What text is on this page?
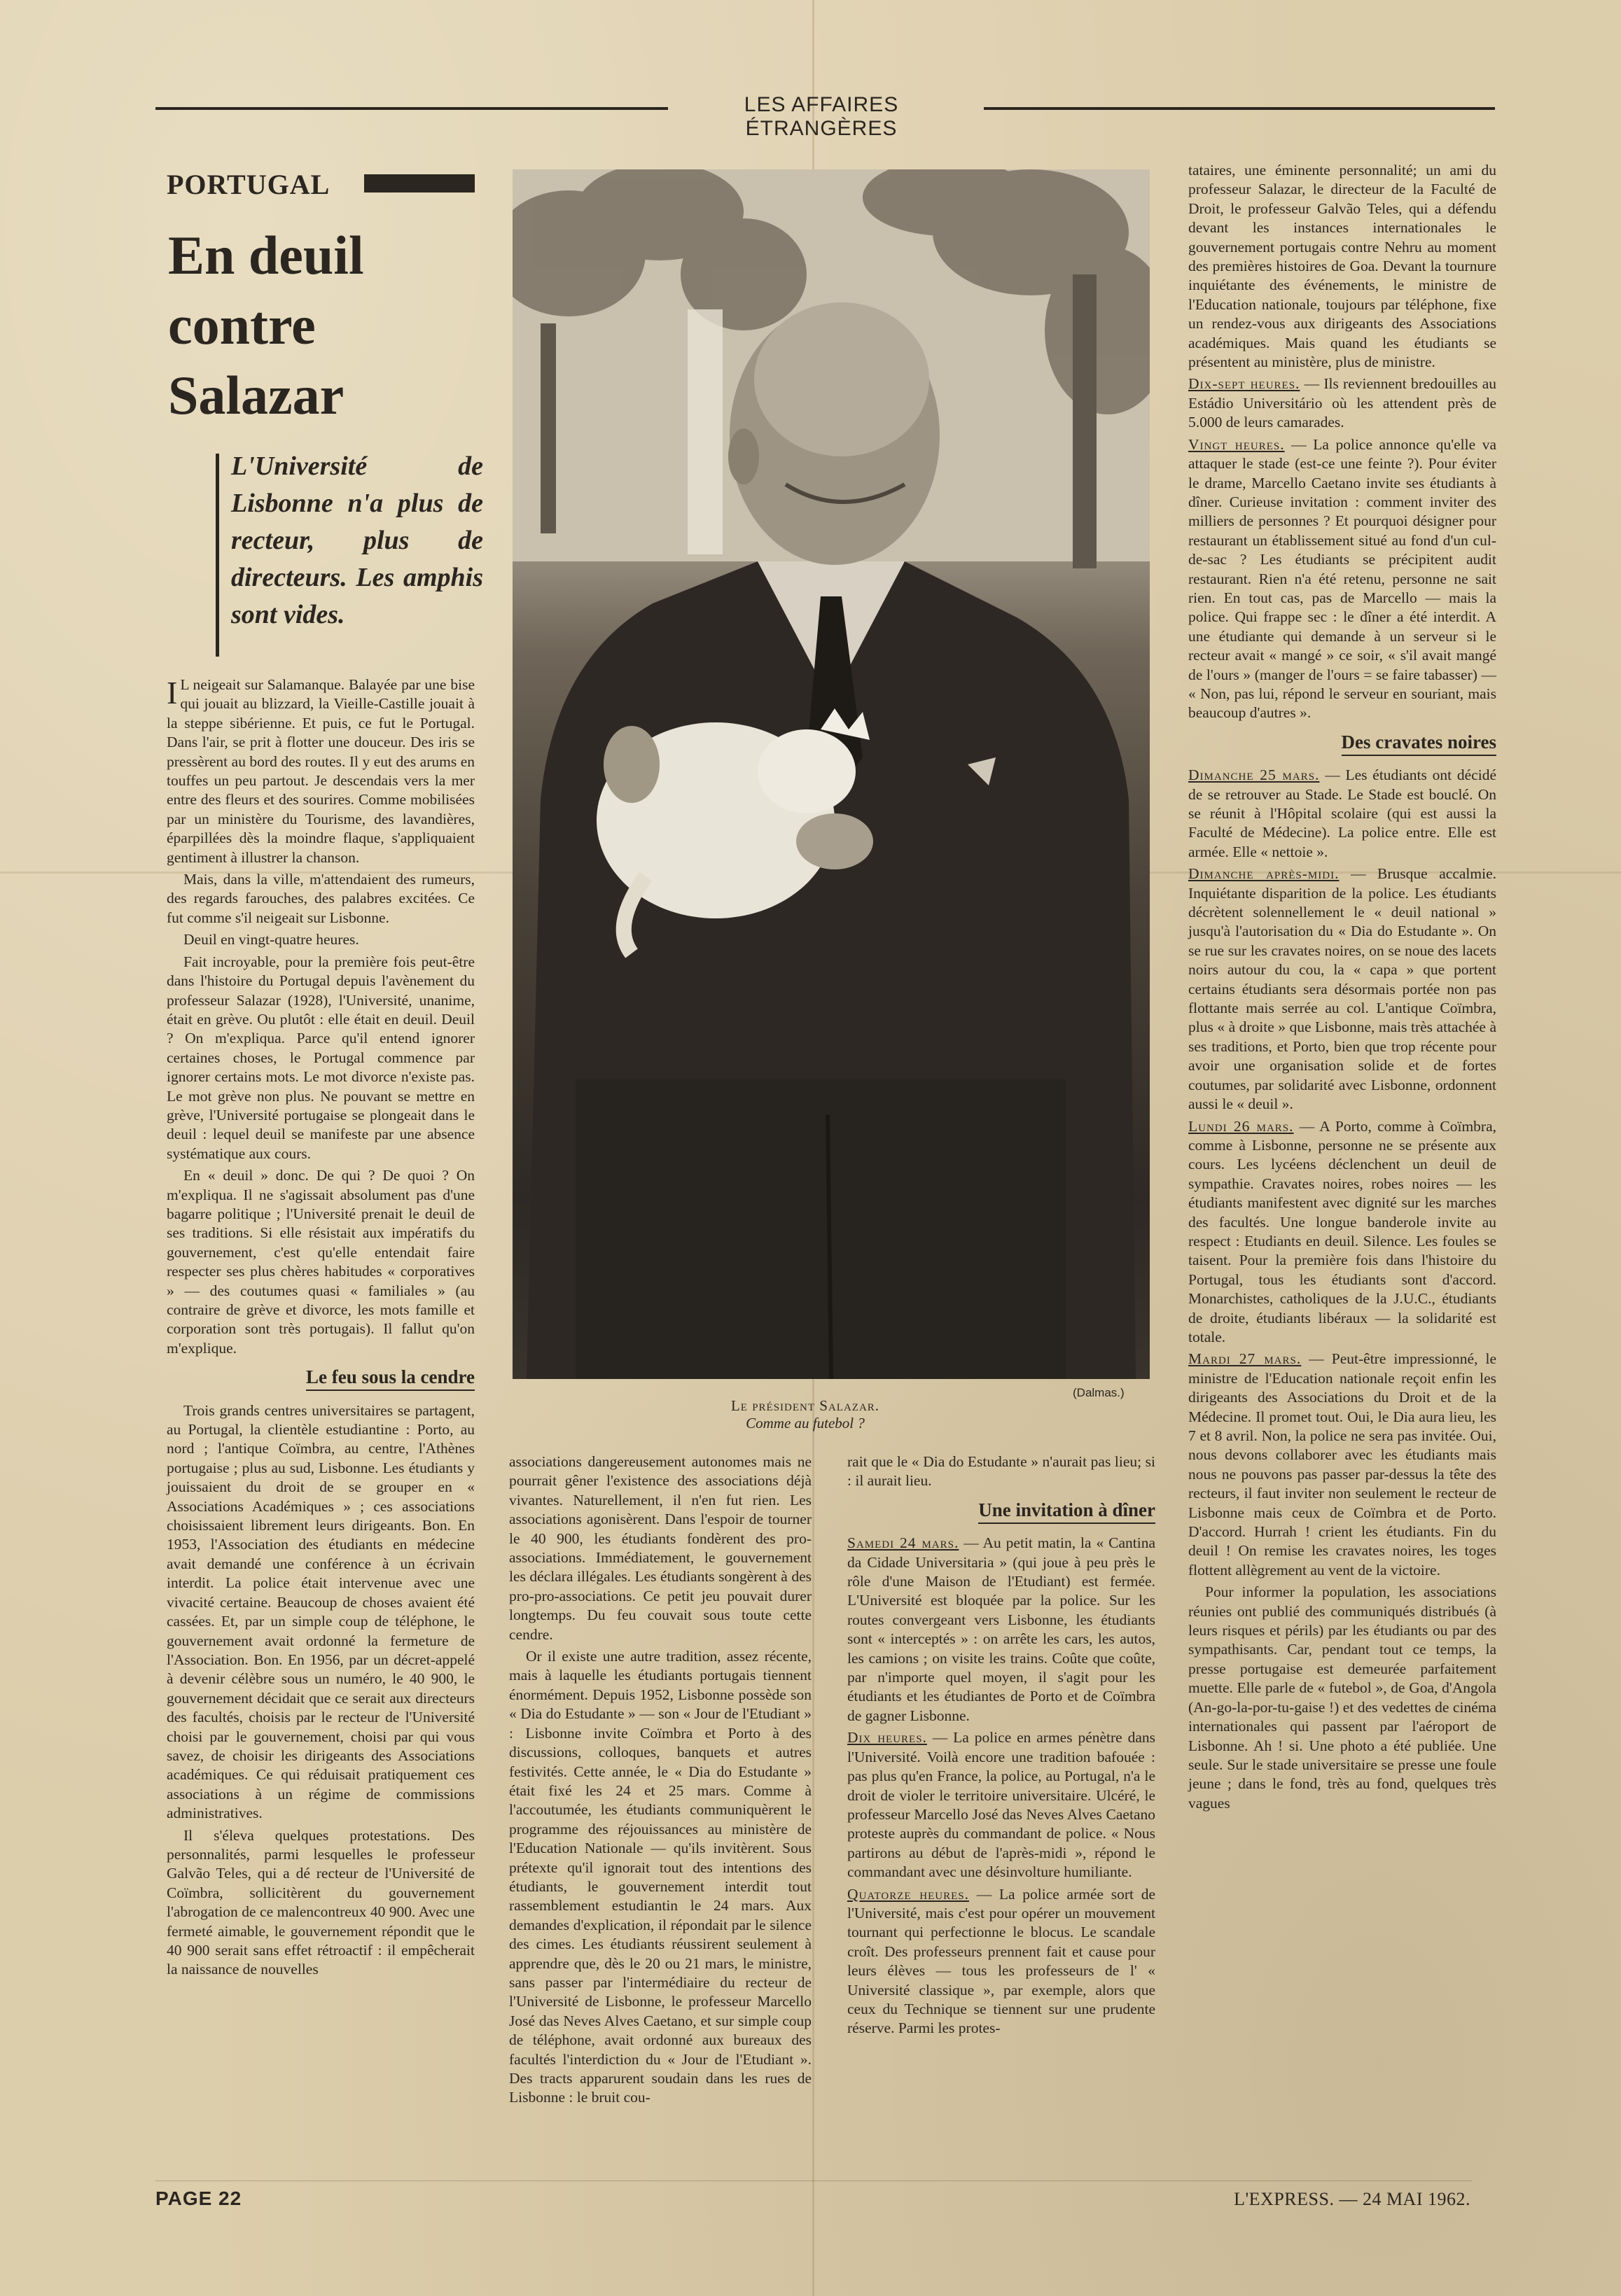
LES AFFAIRES ÉTRANGÈRES
PORTUGAL
En deuil
contre
Salazar
L'Université de Lisbonne n'a plus de recteur, plus de directeurs. Les amphis sont vides.
(Dalmas.)
Le président Salazar.
Comme au futebol ?

I L neigeait sur Salamanque. Balayée par une bise qui jouait au blizzard, la Vieille-Castille jouait à la steppe sibérienne. Et puis, ce fut le Portugal. Dans l'air, se prit à flotter une douceur. Des iris se pressèrent au bord des routes. Il y eut des arums en touffes un peu partout. Je descendais vers la mer entre des fleurs et des sourires. Comme mobilisées par un ministère du Tourisme, des lavandières, éparpillées dès la moindre flaque, s'appliquaient gentiment à illustrer la chanson.

Mais, dans la ville, m'attendaient des rumeurs, des regards farouches, des palabres excitées. Ce fut comme s'il neigeait sur Lisbonne.

Deuil en vingt-quatre heures.

Fait incroyable, pour la première fois peut-être dans l'histoire du Portugal depuis l'avènement du professeur Salazar (1928), l'Université, unanime, était en grève. Ou plutôt : elle était en deuil. Deuil ? On m'expliqua. Parce qu'il entend ignorer certaines choses, le Portugal commence par ignorer certains mots. Le mot divorce n'existe pas. Le mot grève non plus. Ne pouvant se mettre en grève, l'Université portugaise se plongeait dans le deuil : lequel deuil se manifeste par une absence systématique aux cours.

En « deuil » donc. De qui ? De quoi ? On m'expliqua. Il ne s'agissait absolument pas d'une bagarre politique ; l'Université prenait le deuil de ses traditions. Si elle résistait aux impératifs du gouvernement, c'est qu'elle entendait faire respecter ses plus chères habitudes « corporatives » — des coutumes quasi « familiales » (au contraire de grève et divorce, les mots famille et corporation sont très portugais). Il fallut qu'on m'explique.

Le feu sous la cendre

Trois grands centres universitaires se partagent, au Portugal, la clientèle estudiantine : Porto, au nord ; l'antique Coïmbra, au centre, l'Athènes portugaise ; plus au sud, Lisbonne. Les étudiants y jouissaient du droit de se grouper en « Associations Académiques » ; ces associations choisissaient librement leurs dirigeants. Bon. En 1953, l'Association des étudiants en médecine avait demandé une conférence à un écrivain interdit. La police était intervenue avec une vivacité certaine. Beaucoup de choses avaient été cassées. Et, par un simple coup de téléphone, le gouvernement avait ordonné la fermeture de l'Association. Bon. En 1956, par un décret-appelé à devenir célèbre sous un numéro, le 40 900, le gouvernement décidait que ce serait aux directeurs des facultés, choisis par le recteur de l'Université choisi par le gouvernement, choisi par qui vous savez, de choisir les dirigeants des Associations académiques. Ce qui réduisait pratiquement ces associations à un régime de commissions administratives.

Il s'éleva quelques protestations. Des personnalités, parmi lesquelles le professeur Galvão Teles, qui a dé recteur de l'Université de Coïmbra, sollicitèrent du gouvernement l'abrogation de ce malencontreux 40 900. Avec une fermeté aimable, le gouvernement répondit que le 40 900 serait sans effet rétroactif : il empêcherait la naissance de nouvelles

associations dangereusement autonomes mais ne pourrait gêner l'existence des associations déjà vivantes. Naturellement, il n'en fut rien. Les associations agonisèrent. Dans l'espoir de tourner le 40 900, les étudiants fondèrent des pro-associations. Immédiatement, le gouvernement les déclara illégales. Les étudiants songèrent à des pro-pro-associations. Ce petit jeu pouvait durer longtemps. Du feu couvait sous toute cette cendre.

Or il existe une autre tradition, assez récente, mais à laquelle les étudiants portugais tiennent énormément. Depuis 1952, Lisbonne possède son « Dia do Estudante » — son « Jour de l'Etudiant » : Lisbonne invite Coïmbra et Porto à des discussions, colloques, banquets et autres festivités. Cette année, le « Dia do Estudante » était fixé les 24 et 25 mars. Comme à l'accoutumée, les étudiants communiquèrent le programme des réjouissances au ministère de l'Education Nationale — qu'ils invitèrent. Sous prétexte qu'il ignorait tout des intentions des étudiants, le gouvernement interdit tout rassemblement estudiantin le 24 mars. Aux demandes d'explication, il répondait par le silence des cimes. Les étudiants réussirent seulement à apprendre que, dès le 20 ou 21 mars, le ministre, sans passer par l'intermédiaire du recteur de l'Université de Lisbonne, le professeur Marcello José das Neves Alves Caetano, et sur simple coup de téléphone, avait ordonné aux bureaux des facultés l'interdiction du « Jour de l'Etudiant ». Des tracts apparurent soudain dans les rues de Lisbonne : le bruit cou-

rait que le « Dia do Estudante » n'aurait pas lieu; si : il aurait lieu.

Une invitation à dîner

Samedi 24 mars. — Au petit matin, la « Cantina da Cidade Universitaria » (qui joue à peu près le rôle d'une Maison de l'Etudiant) est fermée. L'Université est bloquée par la police. Sur les routes convergeant vers Lisbonne, les étudiants sont « interceptés » : on arrête les cars, les autos, les camions ; on visite les trains. Coûte que coûte, par n'importe quel moyen, il s'agit pour les étudiants et les étudiantes de Porto et de Coïmbra de gagner Lisbonne.

Dix heures. — La police en armes pénètre dans l'Université. Voilà encore une tradition bafouée : pas plus qu'en France, la police, au Portugal, n'a le droit de violer le territoire universitaire. Ulcéré, le professeur Marcello José das Neves Alves Caetano proteste auprès du commandant de police. « Nous partirons au début de l'après-midi », répond le commandant avec une désinvolture humiliante.

Quatorze heures. — La police armée sort de l'Université, mais c'est pour opérer un mouvement tournant qui perfectionne le blocus. Le scandale croît. Des professeurs prennent fait et cause pour leurs élèves — tous les professeurs de l' « Université classique », par exemple, alors que ceux du Technique se tiennent sur une prudente réserve. Parmi les protes-

tataires, une éminente personnalité; un ami du professeur Salazar, le directeur de la Faculté de Droit, le professeur Galvão Teles, qui a défendu devant les instances internationales le gouvernement portugais contre Nehru au moment des premières histoires de Goa. Devant la tournure inquiétante des événements, le ministre de l'Education nationale, toujours par téléphone, fixe un rendez-vous aux dirigeants des Associations académiques. Mais quand les étudiants se présentent au ministère, plus de ministre.

Dix-sept heures. — Ils reviennent bredouilles au Estádio Universitário où les attendent près de 5.000 de leurs camarades.

Vingt heures. — La police annonce qu'elle va attaquer le stade (est-ce une feinte ?). Pour éviter le drame, Marcello Caetano invite ses étudiants à dîner. Curieuse invitation : comment inviter des milliers de personnes ? Et pourquoi désigner pour restaurant un établissement situé au fond d'un cul-de-sac ? Les étudiants se précipitent audit restaurant. Rien n'a été retenu, personne ne sait rien. En tout cas, pas de Marcello — mais la police. Qui frappe sec : le dîner a été interdit. A une étudiante qui demande à un serveur si le recteur avait « mangé » ce soir, « s'il avait mangé de l'ours » (manger de l'ours = se faire tabasser) — « Non, pas lui, répond le serveur en souriant, mais beaucoup d'autres ».

Des cravates noires

Dimanche 25 mars. — Les étudiants ont décidé de se retrouver au Stade. Le Stade est bouclé. On se réunit à l'Hôpital scolaire (qui est aussi la Faculté de Médecine). La police entre. Elle est armée. Elle « nettoie ».

Dimanche après-midi. — Brusque accalmie. Inquiétante disparition de la police. Les étudiants décrètent solennellement le « deuil national » jusqu'à l'autorisation du « Dia do Estudante ». On se rue sur les cravates noires, on se noue des lacets noirs autour du cou, la « capa » que portent certains étudiants sera désormais portée non pas flottante mais serrée au col. L'antique Coïmbra, plus « à droite » que Lisbonne, mais très attachée à ses traditions, et Porto, bien que trop récente pour avoir une organisation solide et de fortes coutumes, par solidarité avec Lisbonne, ordonnent aussi le « deuil ».

Lundi 26 mars. — A Porto, comme à Coïmbra, comme à Lisbonne, personne ne se présente aux cours. Les lycéens déclenchent un deuil de sympathie. Cravates noires, robes noires — les étudiants manifestent avec dignité sur les marches des facultés. Une longue banderole invite au respect : Etudiants en deuil. Silence. Les foules se taisent. Pour la première fois dans l'histoire du Portugal, tous les étudiants sont d'accord. Monarchistes, catholiques de la J.U.C., étudiants de droite, étudiants libéraux — la solidarité est totale.

Mardi 27 mars. — Peut-être impressionné, le ministre de l'Education nationale reçoit enfin les dirigeants des Associations du Droit et de la Médecine. Il promet tout. Oui, le Dia aura lieu, les 7 et 8 avril. Non, la police ne sera pas invitée. Oui, nous devons collaborer avec les étudiants mais nous ne pouvons pas passer par-dessus la tête des recteurs, il faut inviter non seulement le recteur de Lisbonne mais ceux de Coïmbra et de Porto. D'accord. Hurrah ! crient les étudiants. Fin du deuil ! On remise les cravates noires, les toges flottent allègrement au vent de la victoire.

Pour informer la population, les associations réunies ont publié des communiqués distribués (à leurs risques et périls) par les étudiants ou par des sympathisants. Car, pendant tout ce temps, la presse portugaise est demeurée parfaitement muette. Elle parle de « futebol », de Goa, d'Angola (An-go-la-por-tu-gaise !) et des vedettes de cinéma internationales qui passent par l'aéroport de Lisbonne. Ah ! si. Une photo a été publiée. Une seule. Sur le stade universitaire se presse une foule jeune ; dans le fond, très au fond, quelques très vagues

PAGE 22	L'EXPRESS. — 24 MAI 1962.
